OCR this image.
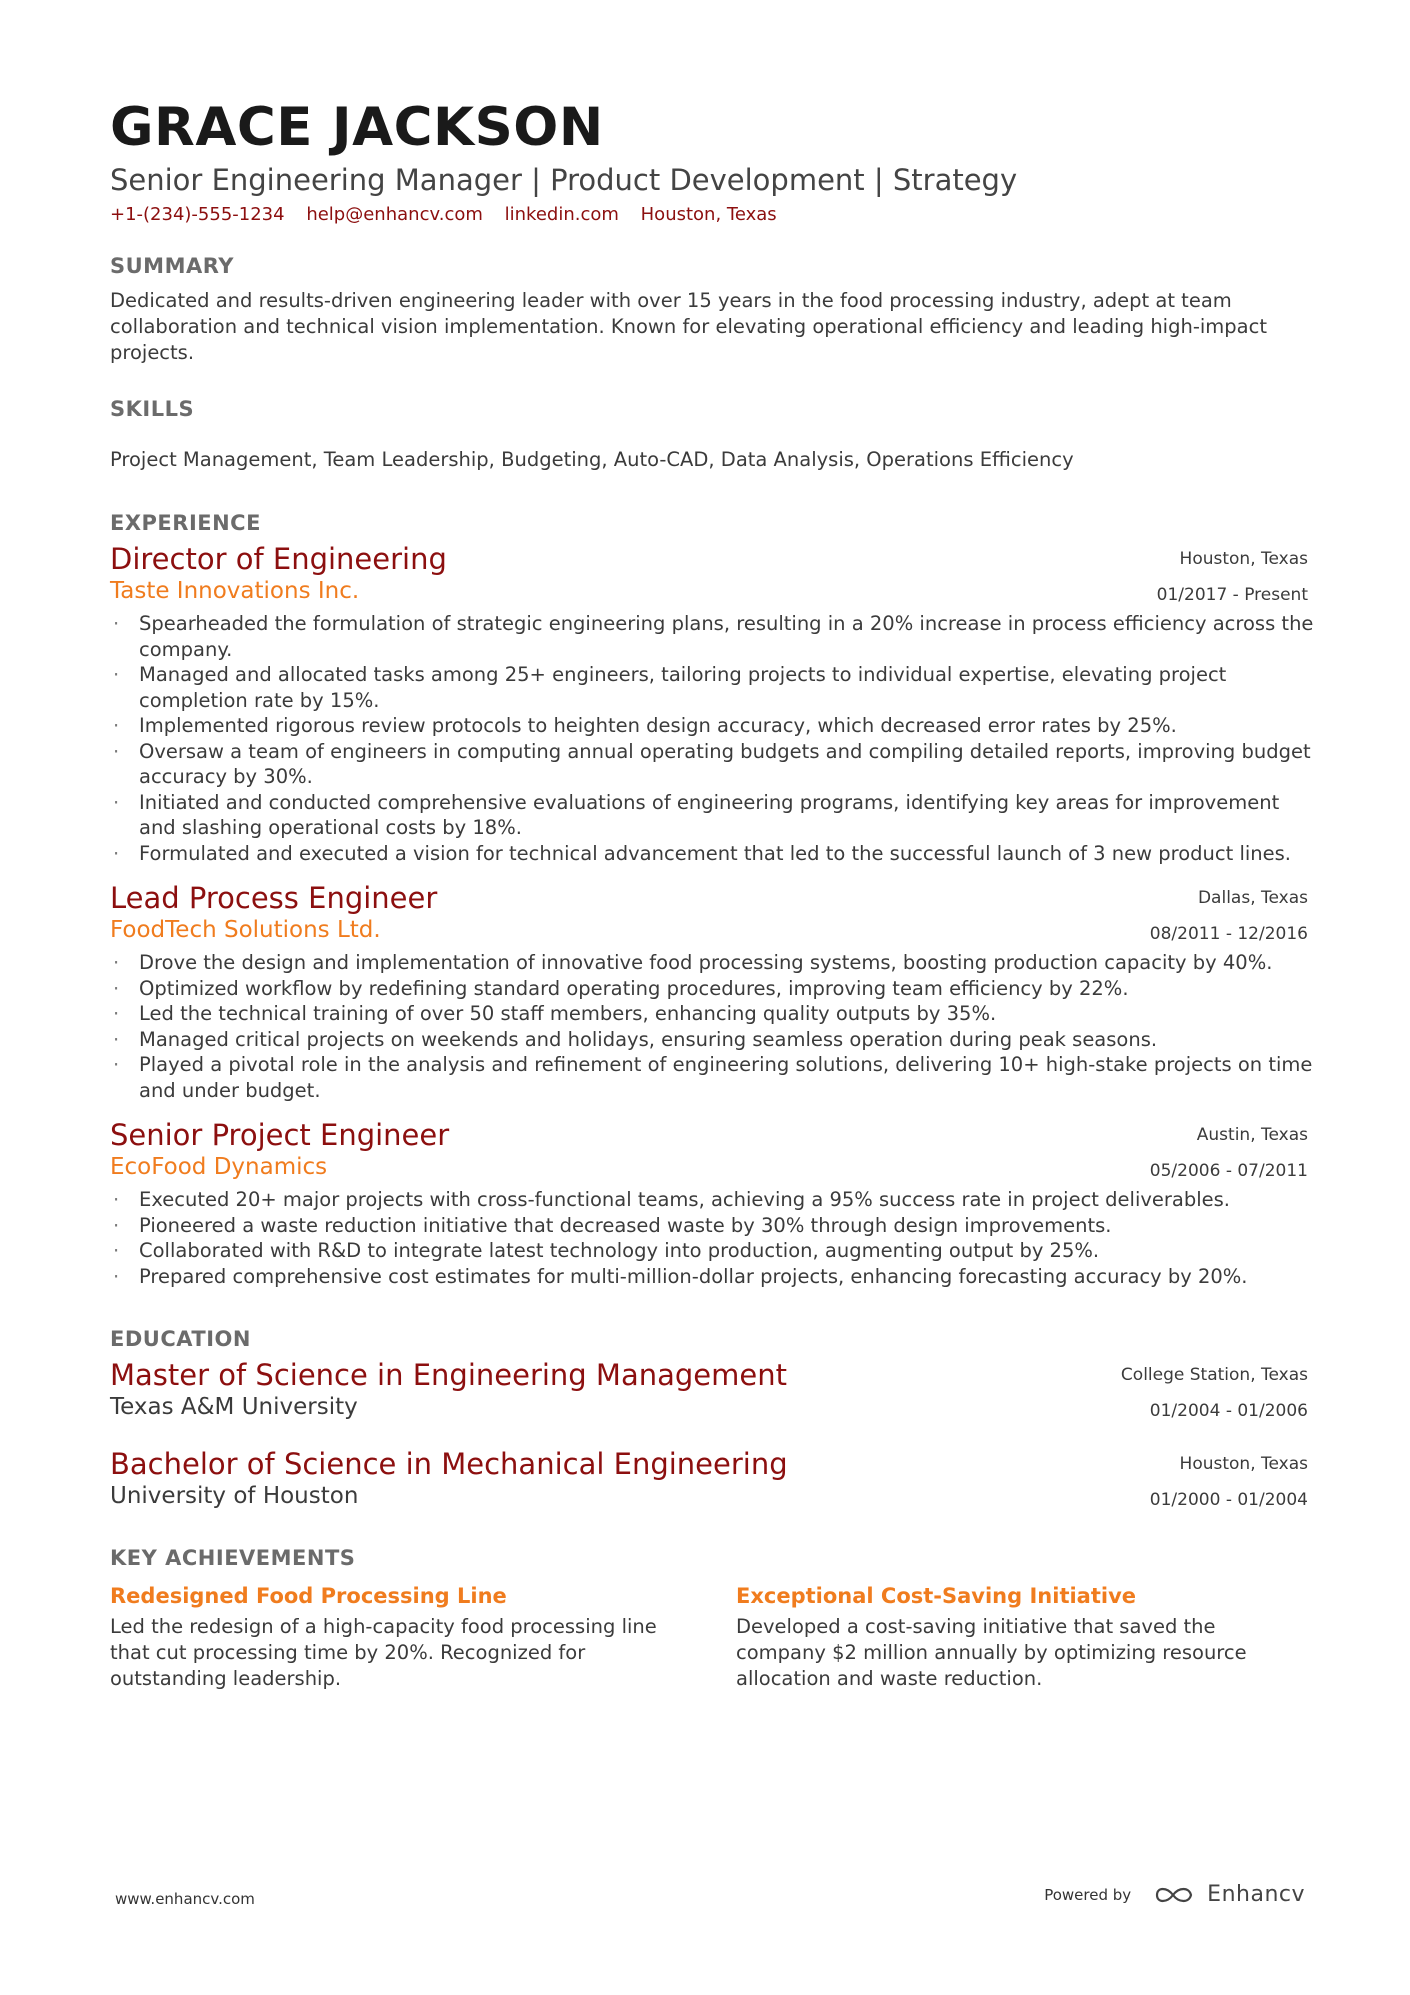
GRACE JACKSON
Senior Engineering Manager | Product Development | Strategy
+1-(234)-555-1234 help@enhancv.com linkedin.com Houston, Texas
SUMMARY
Dedicated and results-driven engineering leader with over 15 years in the food processing industry, adept at team collaboration and technical vision implementation. Known for elevating operational efficiency and leading high-impact projects.
SKILLS
Project Management, Team Leadership, Budgeting, Auto-CAD, Data Analysis, Operations Efficiency
EXPERIENCE
Director of Engineering
Taste Innovations Inc.
Houston, Texas
01/2017 - Present
· Spearheaded the formulation of strategic engineering plans, resulting in a 20% increase in process efficiency across the company.
· Managed and allocated tasks among 25+ engineers, tailoring projects to individual expertise, elevating project completion rate by 15%.
· Implemented rigorous review protocols to heighten design accuracy, which decreased error rates by 25%.
· Oversaw a team of engineers in computing annual operating budgets and compiling detailed reports, improving budget accuracy by 30%.
· Initiated and conducted comprehensive evaluations of engineering programs, identifying key areas for improvement and slashing operational costs by 18%.
· Formulated and executed a vision for technical advancement that led to the successful launch of 3 new product lines.
Lead Process Engineer
FoodTech Solutions Ltd.
Dallas, Texas
08/2011 - 12/2016
· Drove the design and implementation of innovative food processing systems, boosting production capacity by 40%.
· Optimized workflow by redefining standard operating procedures, improving team efficiency by 22%.
· Led the technical training of over 50 staff members, enhancing quality outputs by 35%.
· Managed critical projects on weekends and holidays, ensuring seamless operation during peak seasons.
· Played a pivotal role in the analysis and refinement of engineering solutions, delivering 10+ high-stake projects on time and under budget.
Senior Project Engineer
EcoFood Dynamics
Austin, Texas
05/2006 - 07/2011
· Executed 20+ major projects with cross-functional teams, achieving a 95% success rate in project deliverables.
· Pioneered a waste reduction initiative that decreased waste by 30% through design improvements.
· Collaborated with R&D to integrate latest technology into production, augmenting output by 25%.
· Prepared comprehensive cost estimates for multi-million-dollar projects, enhancing forecasting accuracy by 20%.
EDUCATION
Master of Science in Engineering Management
Texas A&M University
College Station, Texas
01/2004 - 01/2006
Bachelor of Science in Mechanical Engineering
University of Houston
Houston, Texas
01/2000 - 01/2004
KEY ACHIEVEMENTS
Redesigned Food Processing Line
Led the redesign of a high-capacity food processing line that cut processing time by 20%. Recognized for outstanding leadership.
Exceptional Cost-Saving Initiative
Developed a cost-saving initiative that saved the company $2 million annually by optimizing resource allocation and waste reduction.
www.enhancv.com	Powered by	Enhancv
